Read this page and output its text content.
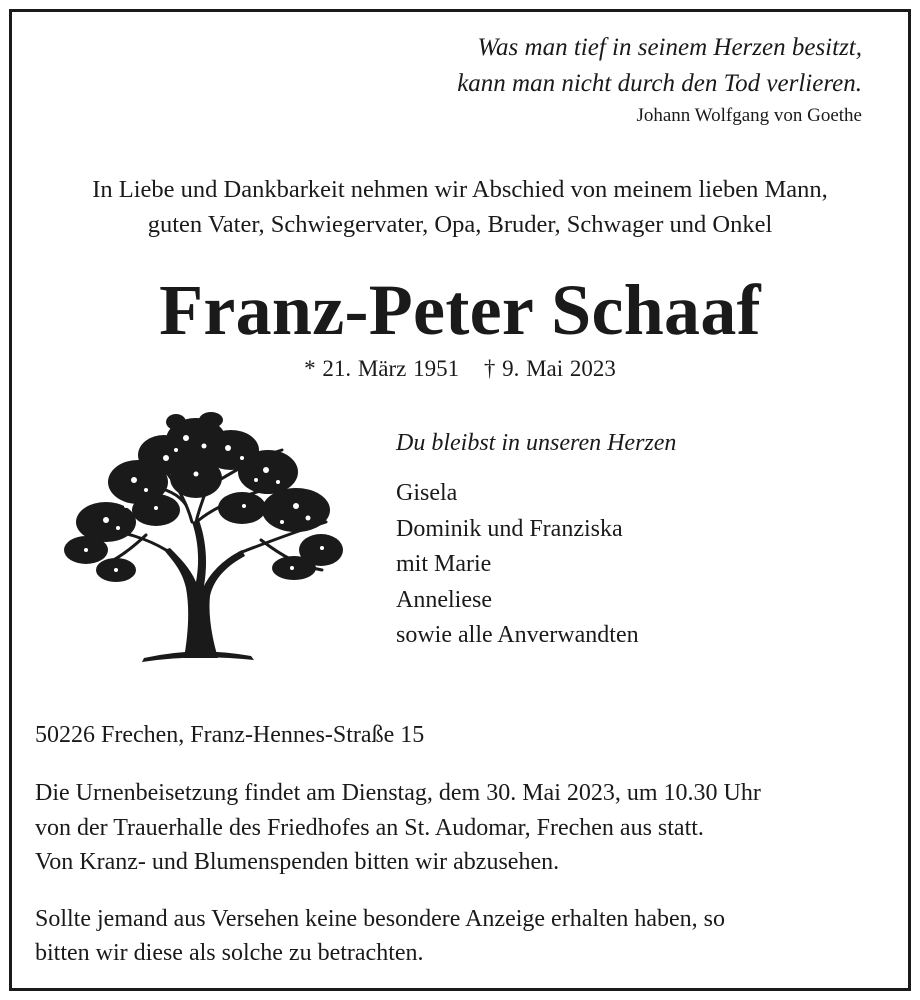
Was man tief in seinem Herzen besitzt,
kann man nicht durch den Tod verlieren.
Johann Wolfgang von Goethe
In Liebe und Dankbarkeit nehmen wir Abschied von meinem lieben Mann,
guten Vater, Schwiegervater, Opa, Bruder, Schwager und Onkel
Franz-Peter Schaaf
* 21. März 1951 † 9. Mai 2023
Du bleibst in unseren Herzen
Gisela
Dominik und Franziska
mit Marie
Anneliese
sowie alle Anverwandten
50226 Frechen, Franz-Hennes-Straße 15
Die Urnenbeisetzung findet am Dienstag, dem 30. Mai 2023, um 10.30 Uhr
von der Trauerhalle des Friedhofes an St. Audomar, Frechen aus statt.
Von Kranz- und Blumenspenden bitten wir abzusehen.
Sollte jemand aus Versehen keine besondere Anzeige erhalten haben, so
bitten wir diese als solche zu betrachten.
